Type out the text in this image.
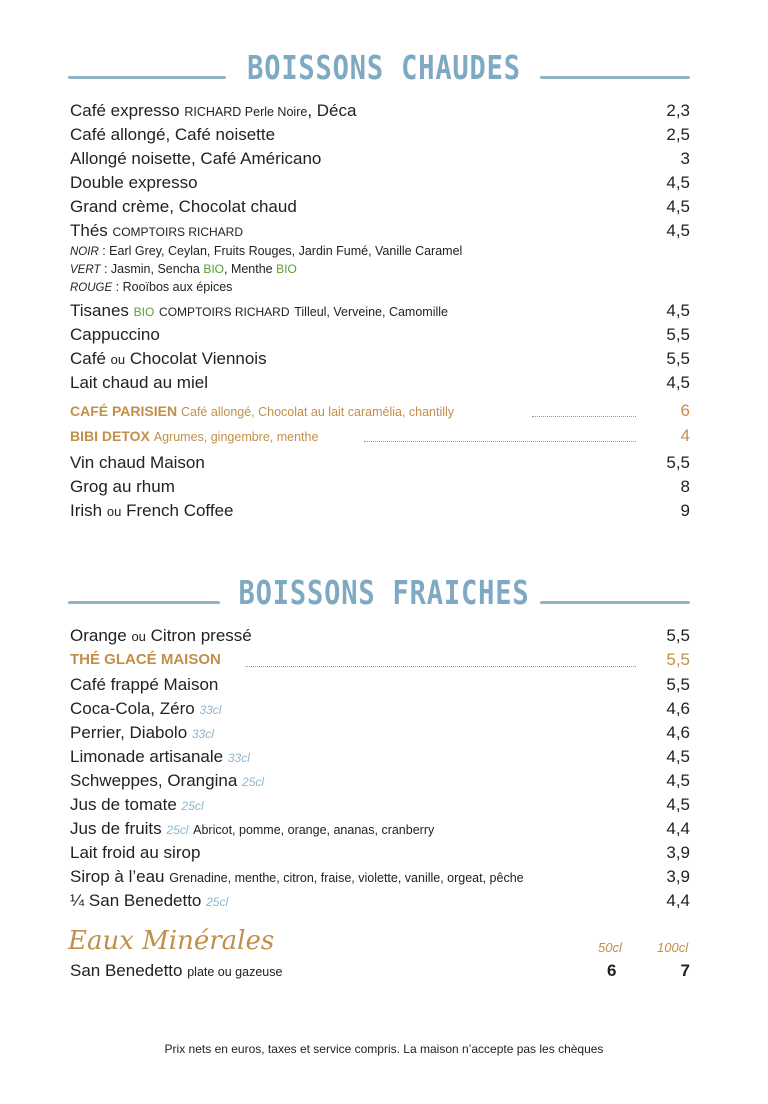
BOISSONS CHAUDES
Café expresso RICHARD Perle Noire, Déca	2,3
Café allongé, Café noisette	2,5
Allongé noisette, Café Américano	3
Double expresso	4,5
Grand crème, Chocolat chaud	4,5
Thés COMPTOIRS RICHARD	4,5
NOIR : Earl Grey, Ceylan, Fruits Rouges, Jardin Fumé, Vanille Caramel
VERT : Jasmin, Sencha BIO, Menthe BIO
ROUGE : Rooïbos aux épices
Tisanes BIO COMPTOIRS RICHARD Tilleul, Verveine, Camomille	4,5
Cappuccino	5,5
Café ou Chocolat Viennois	5,5
Lait chaud au miel	4,5
CAFÉ PARISIEN Café allongé, Chocolat au lait caramélia, chantilly	6
BIBI DETOX Agrumes, gingembre, menthe	4
Vin chaud Maison	5,5
Grog au rhum	8
Irish ou French Coffee	9
BOISSONS FRAICHES
Orange ou Citron pressé	5,5
THÉ GLACÉ MAISON	5,5
Café frappé Maison	5,5
Coca-Cola, Zéro 33cl	4,6
Perrier, Diabolo 33cl	4,6
Limonade artisanale 33cl	4,5
Schweppes, Orangina 25cl	4,5
Jus de tomate 25cl	4,5
Jus de fruits 25cl Abricot, pomme, orange, ananas, cranberry	4,4
Lait froid au sirop	3,9
Sirop à l’eau Grenadine, menthe, citron, fraise, violette, vanille, orgeat, pêche	3,9
¼ San Benedetto 25cl	4,4
Eaux Minérales	50cl	100cl
San Benedetto plate ou gazeuse	6	7
Prix nets en euros, taxes et service compris. La maison n’accepte pas les chèques
